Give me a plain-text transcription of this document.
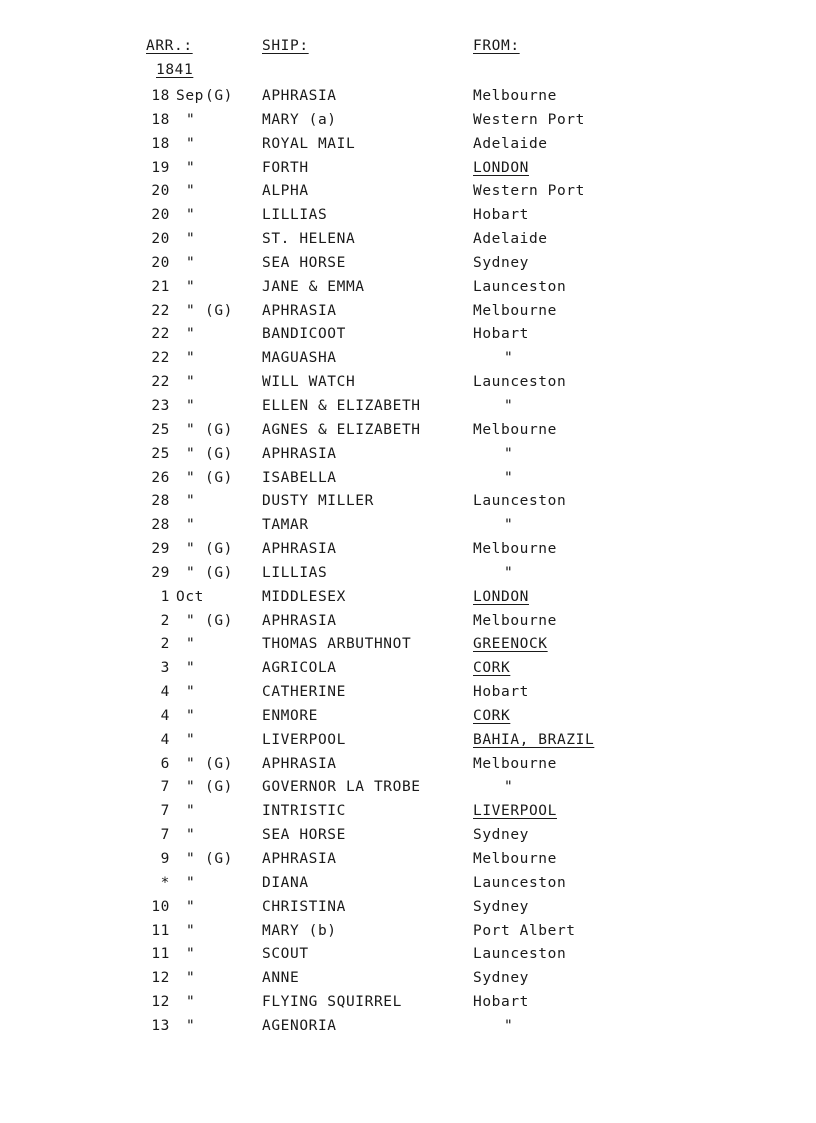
ARR.:	SHIP:	FROM:
1841
18 Sep (G) APHRASIA	Melbourne
18 "	MARY (a)	Western Port
18 "	ROYAL MAIL	Adelaide
19 "	FORTH	LONDON
20 "	ALPHA	Western Port
20 "	LILLIAS	Hobart
20 "	ST. HELENA	Adelaide
20 "	SEA HORSE	Sydney
21 "	JANE & EMMA	Launceston
22 " (G) APHRASIA	Melbourne
22 "	BANDICOOT	Hobart
22 "	MAGUASHA	"
22 "	WILL WATCH	Launceston
23 "	ELLEN & ELIZABETH	"
25 " (G) AGNES & ELIZABETH	Melbourne
25 " (G) APHRASIA	"
26 " (G) ISABELLA	"
28 "	DUSTY MILLER	Launceston
28 "	TAMAR	"
29 " (G) APHRASIA	Melbourne
29 " (G) LILLIAS	"
1 Oct	MIDDLESEX	LONDON
2 " (G) APHRASIA	Melbourne
2 "	THOMAS ARBUTHNOT	GREENOCK
3 "	AGRICOLA	CORK
4 "	CATHERINE	Hobart
4 "	ENMORE	CORK
4 "	LIVERPOOL	BAHIA, BRAZIL
6 " (G) APHRASIA	Melbourne
7 " (G) GOVERNOR LA TROBE	"
7 "	INTRISTIC	LIVERPOOL
7 "	SEA HORSE	Sydney
9 " (G) APHRASIA	Melbourne
* "	DIANA	Launceston
10 "	CHRISTINA	Sydney
11 "	MARY (b)	Port Albert
11 "	SCOUT	Launceston
12 "	ANNE	Sydney
12 "	FLYING SQUIRREL	Hobart
13 "	AGENORIA	"
